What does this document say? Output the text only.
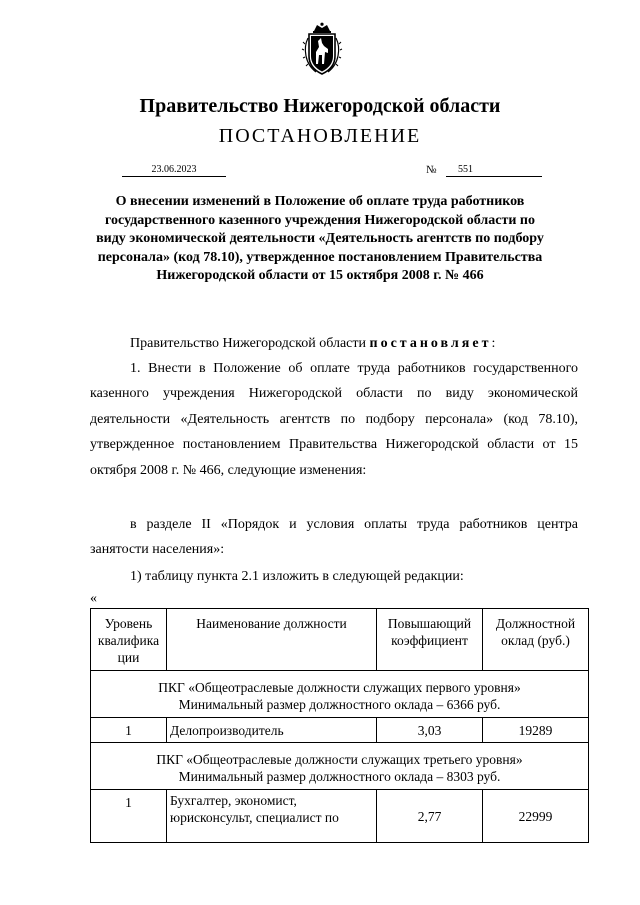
Правительство Нижегородской области
ПОСТАНОВЛЕНИЕ
23.06.2023	№	551
О внесении изменений в Положение об оплате труда работников государственного казенного учреждения Нижегородской области по виду экономической деятельности «Деятельность агентств по подбору персонала» (код 78.10), утвержденное постановлением Правительства Нижегородской области от 15 октября 2008 г. № 466

Правительство Нижегородской области постановляет:

1. Внести в Положение об оплате труда работников государственного казенного учреждения Нижегородской области по виду экономической деятельности «Деятельность агентств по подбору персонала» (код 78.10), утвержденное постановлением Правительства Нижегородской области от 15 октября 2008 г. № 466, следующие изменения:

в разделе II «Порядок и условия оплаты труда работников центра занятости населения»:

1) таблицу пункта 2.1 изложить в следующей редакции:

«
Уровень квалифика ции	Наименование должности	Повышающий коэффициент	Должностной оклад (руб.)

ПКГ «Общеотраслевые должности служащих первого уровня»
Минимальный размер должностного оклада – 6366 руб.			

1	Делопроизводитель	3,03	19289

ПКГ «Общеотраслевые должности служащих третьего уровня»
Минимальный размер должностного оклада – 8303 руб.			

1	Бухгалтер, экономист, юрисконсульт, специалист по	2,77	22999
